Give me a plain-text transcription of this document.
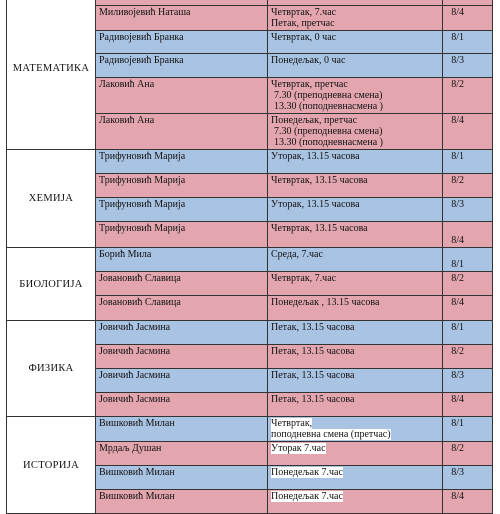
МАТЕМАТИКА		

	Миливојевић Наташа	Четвртак, 7.час
Петак, претчас	8/4
	Радивојевић Бранка	Четвртак, 0 час	8/1
	Радивојевић Бранка	Понедељак, 0 час	8/3
	Лаковић Ана	Четвртак, претчас
7.30 (преподневна смена)
13.30 (поподневнасмена )	8/2
	Лаковић Ана	Понедељак, претчас
7.30 (преподневна смена)
13.30 (поподневнасмена )	8/4
ХЕМИЈА	Трифуновић Марија	Уторак, 13.15 часова	8/1
	Трифуновић Марија	Четвртак, 13.15 часова	8/2
	Трифуновић Марија	Уторак, 13.15 часова	8/3
	Трифуновић Марија	Четвртак, 13.15 часова	8/4
БИОЛОГИЈА	Борић Мила	Среда, 7.час	8/1
	Јовановић Славица	Четвртак, 7.час	8/2
	Јовановић Славица	Понедељак , 13.15 часова	8/4
ФИЗИКА	Јовичић Јасмина	Петак, 13.15 часова	8/1
	Јовичић Јасмина	Петак, 13.15 часова	8/2
	Јовичић Јасмина	Петак, 13.15 часова	8/3
	Јовичић Јасмина	Петак, 13.15 часова	8/4
ИСТОРИЈА	Вишковић Милан	Четвртак,
поподневна смена (претчас)	8/1
	Мрдаљ Душан	Уторак 7.час	8/2
	Вишковић Милан	Понедељак 7.час	8/3
	Вишковић Милан	Понедељак 7.час	8/4
